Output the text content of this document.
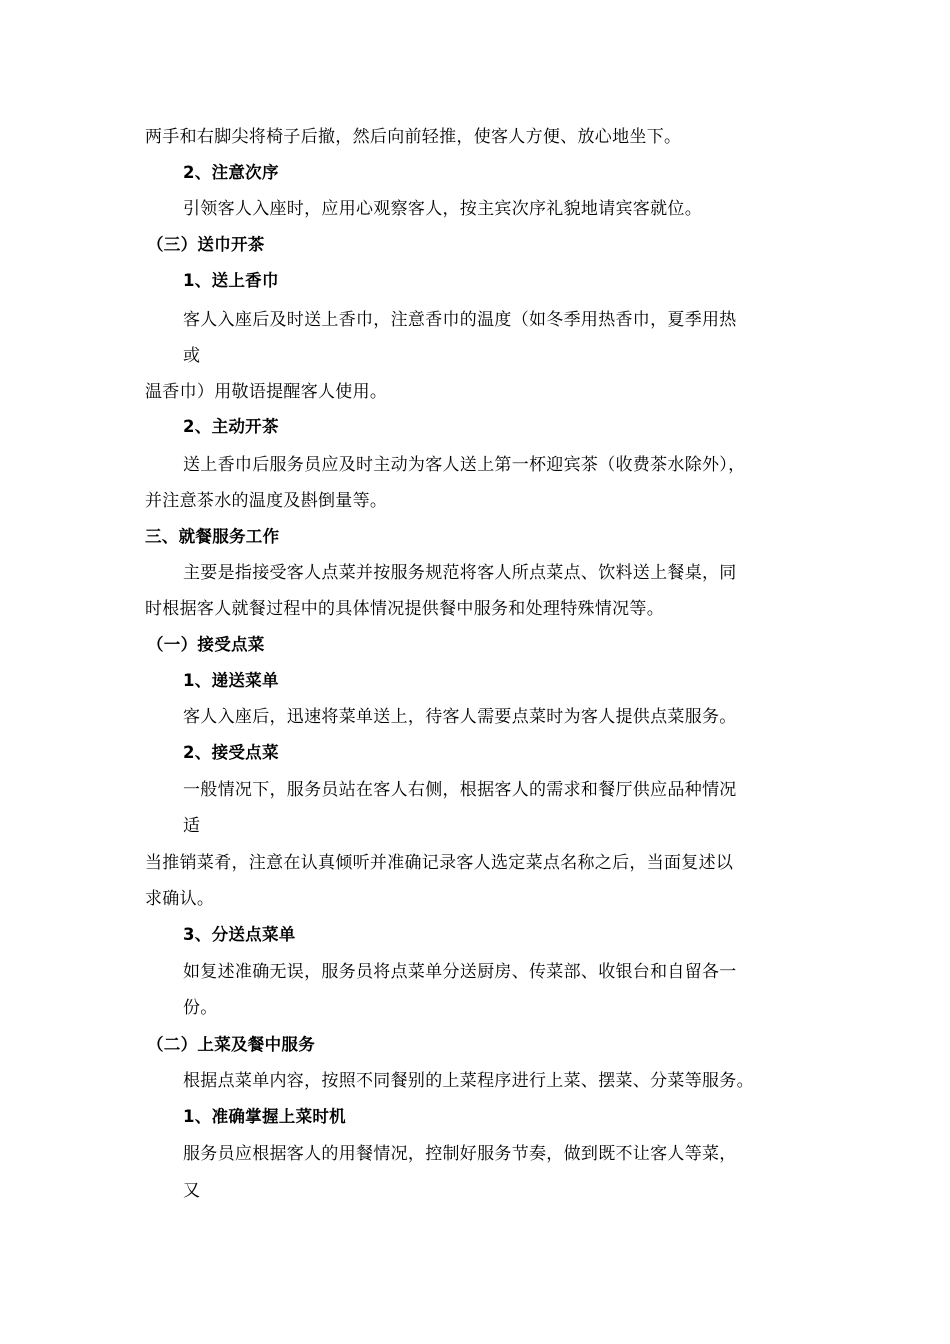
两手和右脚尖将椅子后撤，然后向前轻推，使客人方便、放心地坐下。
2、注意次序
引领客人入座时，应用心观察客人，按主宾次序礼貌地请宾客就位。
（三）送巾开茶
1、送上香巾
客人入座后及时送上香巾，注意香巾的温度（如冬季用热香巾，夏季用热
或
温香巾）用敬语提醒客人使用。
2、主动开茶
送上香巾后服务员应及时主动为客人送上第一杯迎宾茶（收费茶水除外），
并注意茶水的温度及斟倒量等。
三、就餐服务工作
主要是指接受客人点菜并按服务规范将客人所点菜点、饮料送上餐桌，同
时根据客人就餐过程中的具体情况提供餐中服务和处理特殊情况等。
（一）接受点菜
1、递送菜单
客人入座后，迅速将菜单送上，待客人需要点菜时为客人提供点菜服务。
2、接受点菜
一般情况下，服务员站在客人右侧，根据客人的需求和餐厅供应品种情况
适
当推销菜肴，注意在认真倾听并准确记录客人选定菜点名称之后，当面复述以
求确认。
3、分送点菜单
如复述准确无误，服务员将点菜单分送厨房、传菜部、收银台和自留各一
份。
（二）上菜及餐中服务
根据点菜单内容，按照不同餐别的上菜程序进行上菜、摆菜、分菜等服务。
1、准确掌握上菜时机
服务员应根据客人的用餐情况，控制好服务节奏，做到既不让客人等菜，
又
